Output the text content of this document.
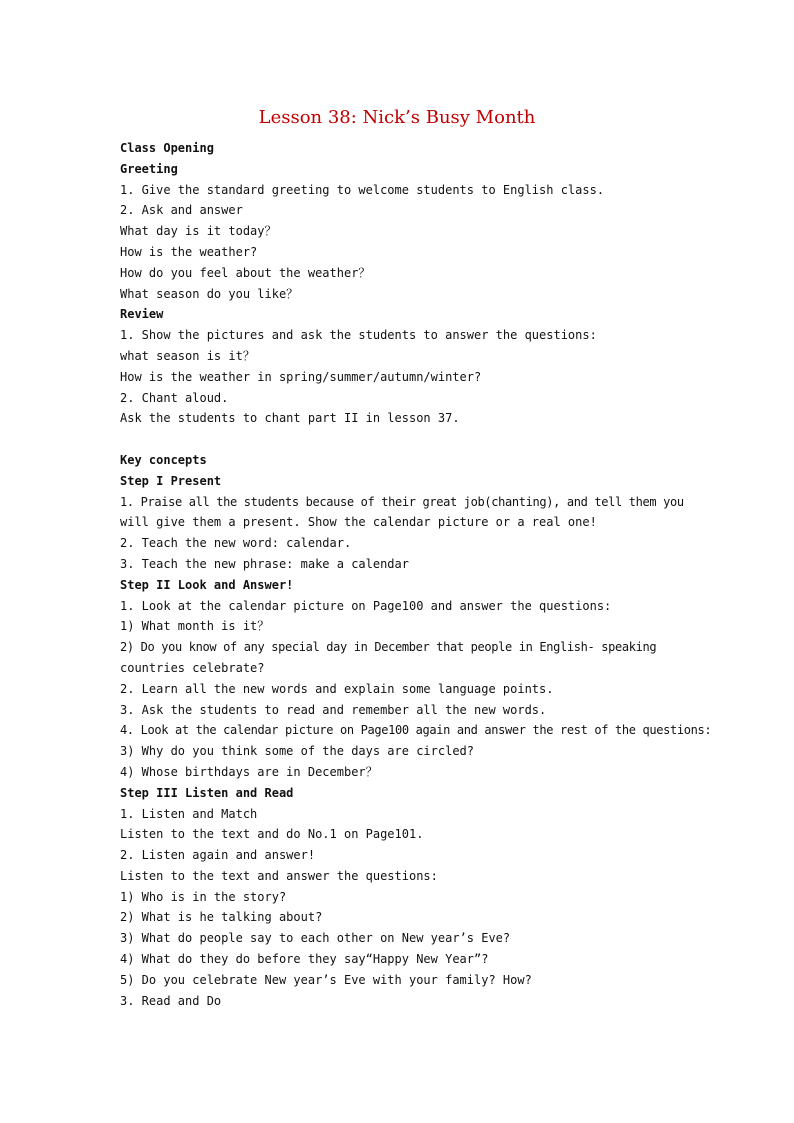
Lesson 38: Nick’s Busy Month
Class Opening
Greeting
1. Give the standard greeting to welcome students to English class.
2. Ask and answer
What day is it today？
How is the weather?
How do you feel about the weather？
What season do you like？
Review
1. Show the pictures and ask the students to answer the questions:
what season is it？
How is the weather in spring/summer/autumn/winter?
2. Chant aloud.
Ask the students to chant part II in lesson 37.
Key concepts
Step I Present
1. Praise all the students because of their great job(chanting), and tell them you
will give them a present. Show the calendar picture or a real one!
2. Teach the new word: calendar.
3. Teach the new phrase: make a calendar
Step II Look and Answer!
1. Look at the calendar picture on Page100 and answer the questions:
1) What month is it？
2) Do you know of any special day in December that people in English- speaking
countries celebrate?
2. Learn all the new words and explain some language points.
3. Ask the students to read and remember all the new words.
4. Look at the calendar picture on Page100 again and answer the rest of the questions:
3) Why do you think some of the days are circled?
4) Whose birthdays are in December？
Step III Listen and Read
1. Listen and Match
Listen to the text and do No.1 on Page101.
2. Listen again and answer!
Listen to the text and answer the questions:
1) Who is in the story?
2) What is he talking about?
3) What do people say to each other on New year’s Eve?
4) What do they do before they say“Happy New Year”?
5) Do you celebrate New year’s Eve with your family? How?
3. Read and Do
